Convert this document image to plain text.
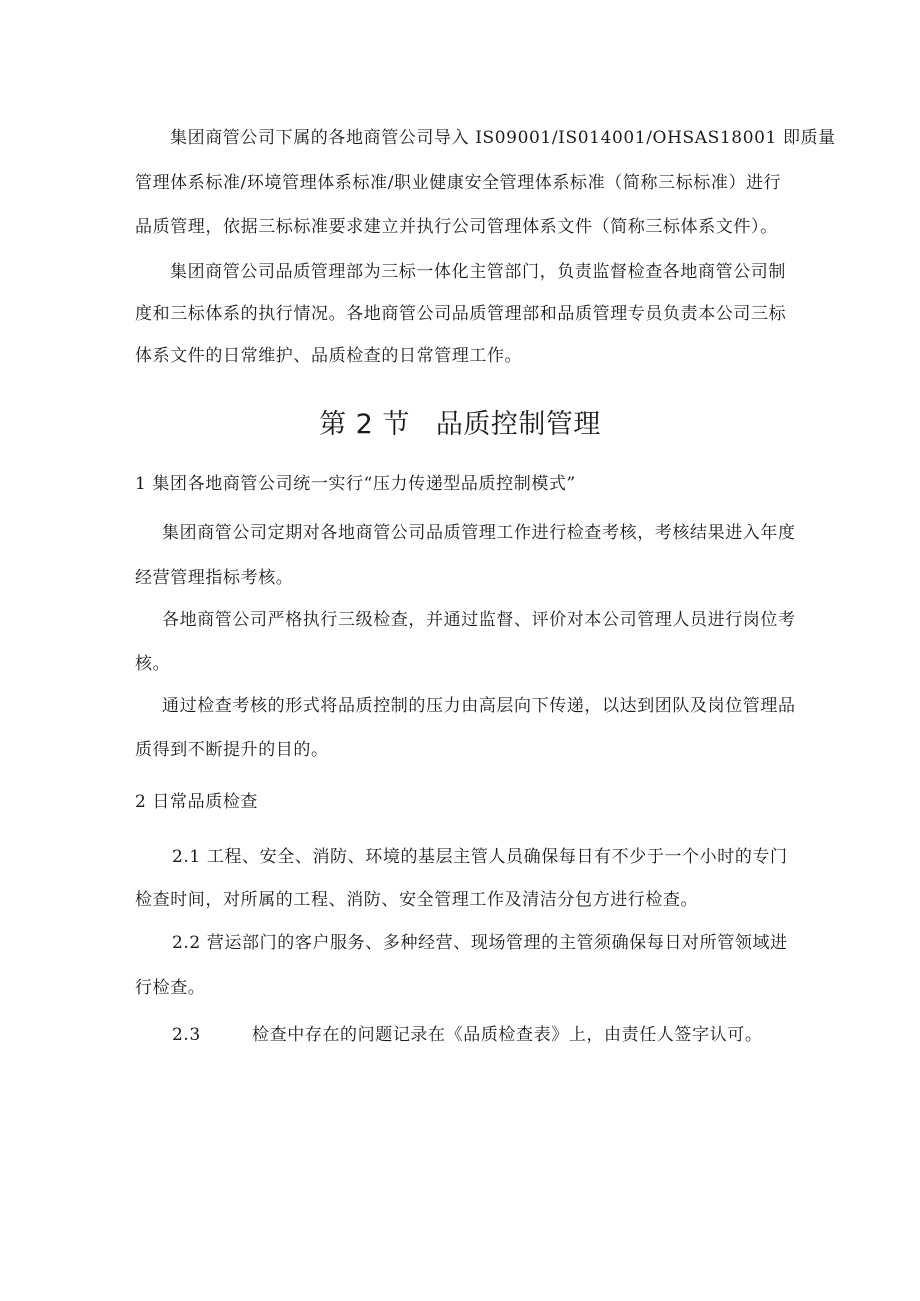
集团商管公司下属的各地商管公司导入 IS09001/IS014001/OHSAS18001 即质量
管理体系标准/环境管理体系标准/职业健康安全管理体系标准（简称三标标准）进行
品质管理，依据三标标准要求建立并执行公司管理体系文件（简称三标体系文件）。
集团商管公司品质管理部为三标一体化主管部门，负责监督检查各地商管公司制
度和三标体系的执行情况。各地商管公司品质管理部和品质管理专员负责本公司三标
体系文件的日常维护、品质检查的日常管理工作。
第 2 节 品质控制管理
1 集团各地商管公司统一实行“压力传递型品质控制模式”
集团商管公司定期对各地商管公司品质管理工作进行检查考核，考核结果进入年度
经营管理指标考核。
各地商管公司严格执行三级检查，并通过监督、评价对本公司管理人员进行岗位考
核。
通过检查考核的形式将品质控制的压力由高层向下传递，以达到团队及岗位管理品
质得到不断提升的目的。
2 日常品质检查
2.1 工程、安全、消防、环境的基层主管人员确保每日有不少于一个小时的专门
检查时间，对所属的工程、消防、安全管理工作及清洁分包方进行检查。
2.2 营运部门的客户服务、多种经营、现场管理的主管须确保每日对所管领域进
行检查。
2.3	检查中存在的问题记录在《品质检查表》上，由责任人签字认可。
